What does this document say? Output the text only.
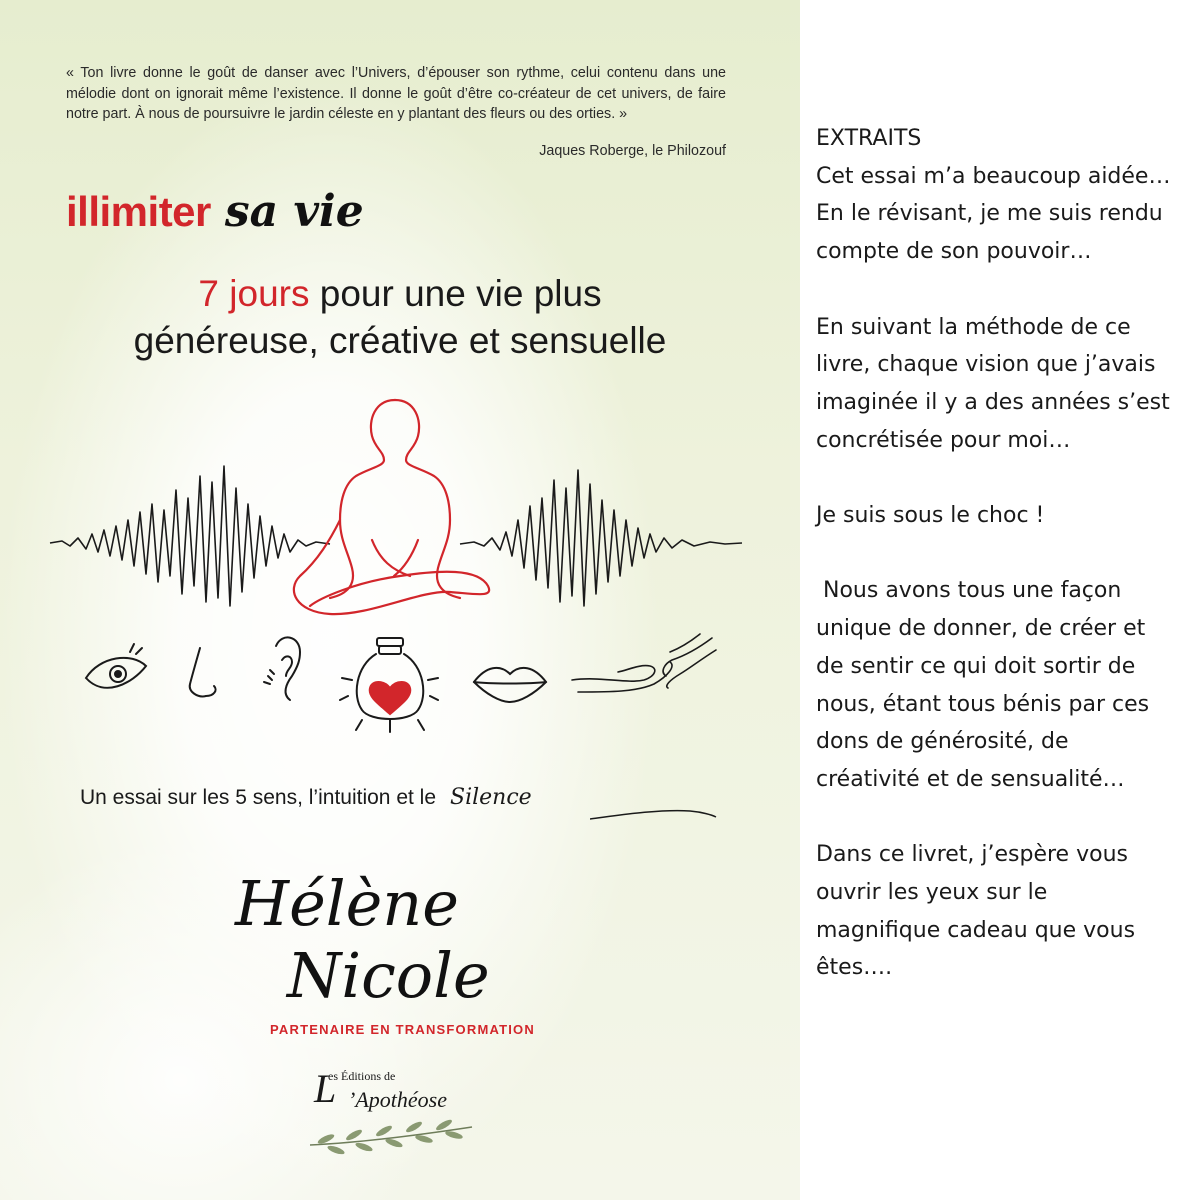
« Ton livre donne le goût de danser avec l’Univers, d’épouser son rythme, celui contenu dans une mélodie dont on ignorait même l’existence. Il donne le goût d’être co-créateur de cet univers, de faire notre part. À nous de poursuivre le jardin céleste en y plantant des fleurs ou des orties. »

Jaques Roberge, le Philozouf
illimiter sa vie
7 jours pour une vie plus
généreuse, créative et sensuelle
Un essai sur les 5 sens, l’intuition et le Silence
Hélène
Nicole
PARTENAIRE EN TRANSFORMATION
L
es Éditions de
’Apothéose

EXTRAITS

Cet essai m’a beaucoup aidée… En le révisant, je me suis rendu compte de son pouvoir…

En suivant la méthode de ce livre, chaque vision que j’avais imaginée il y a des années s’est concrétisée pour moi…

Je suis sous le choc !

Nous avons tous une façon unique de donner, de créer et de sentir ce qui doit sortir de nous, étant tous bénis par ces dons de générosité, de créativité et de sensualité…

Dans ce livret, j’espère vous ouvrir les yeux sur le magnifique cadeau que vous êtes….
